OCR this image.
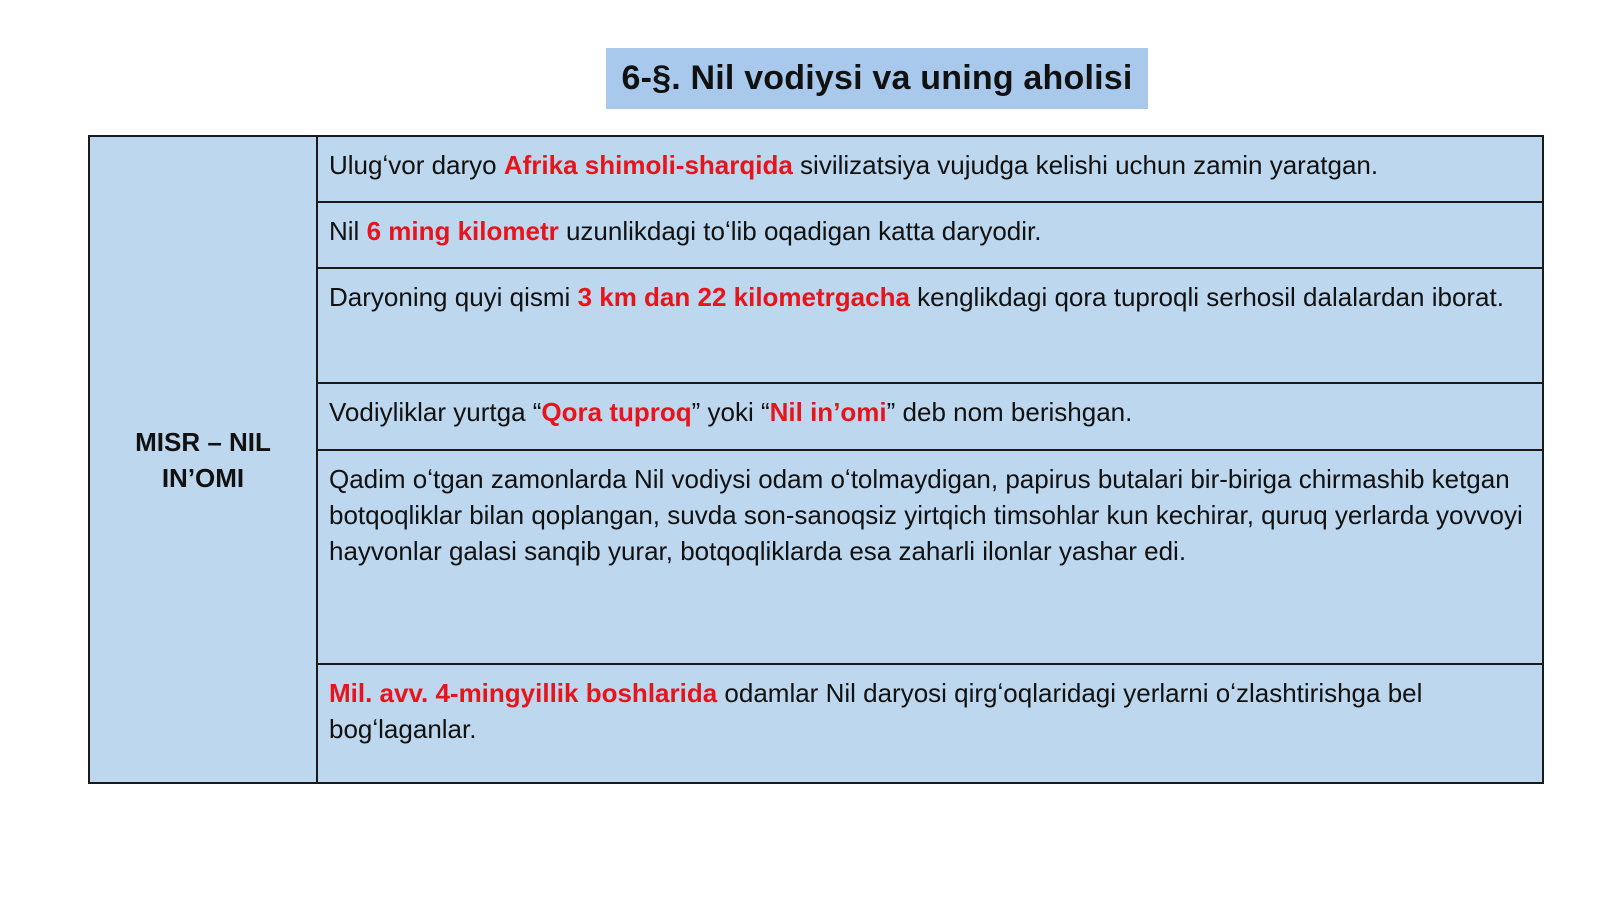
6-§. Nil vodiysi va uning aholisi
MISR – NIL
IN’OMI	Ulugʻvor daryo Afrika shimoli-sharqida sivilizatsiya vujudga kelishi uchun zamin yaratgan.
Nil 6 ming kilometr uzunlikdagi toʻlib oqadigan katta daryodir.
Daryoning quyi qismi 3 km dan 22 kilometrgacha kenglikdagi qora tuproqli serhosil dalalardan iborat.
Vodiyliklar yurtga “Qora tuproq” yoki “Nil in’omi” deb nom berishgan.
Qadim oʻtgan zamonlarda Nil vodiysi odam oʻtolmaydigan, papirus butalari bir-biriga chirmashib ketgan botqoqliklar bilan qoplangan, suvda son-sanoqsiz yirtqich timsohlar kun kechirar, quruq yerlarda yovvoyi hayvonlar galasi sanqib yurar, botqoqliklarda esa zaharli ilonlar yashar edi.
Mil. avv. 4-mingyillik boshlarida odamlar Nil daryosi qirgʻoqlaridagi yerlarni oʻzlashtirishga bel bogʻlaganlar.
